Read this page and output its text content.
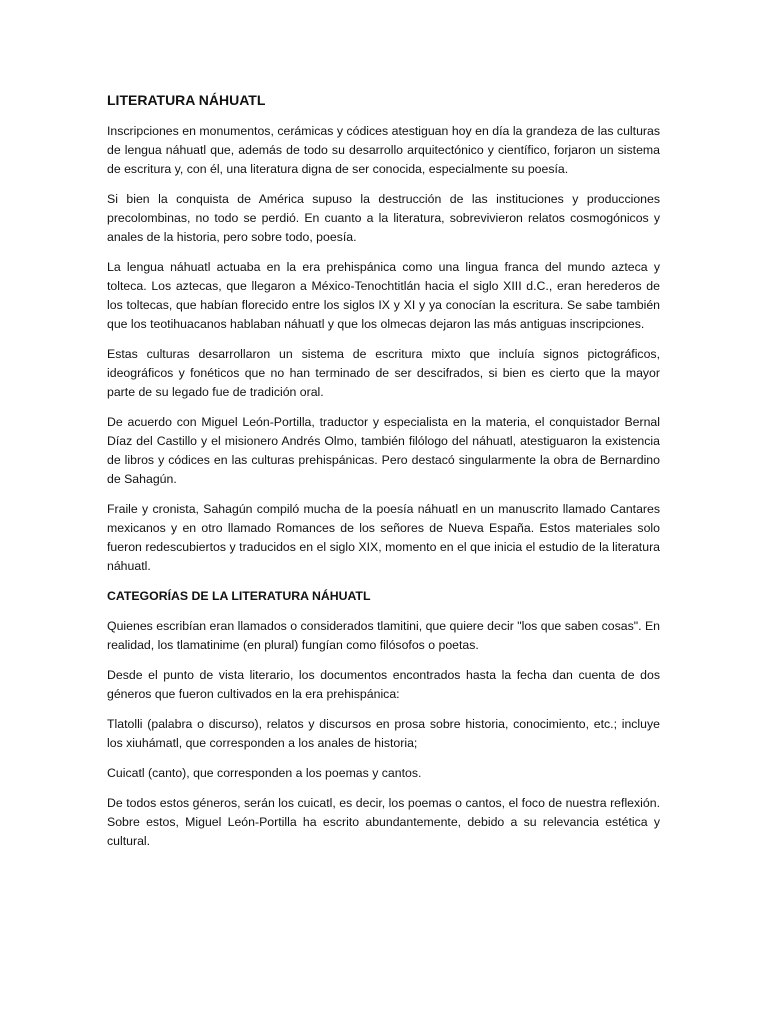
LITERATURA NÁHUATL

Inscripciones en monumentos, cerámicas y códices atestiguan hoy en día la grandeza de las culturas de lengua náhuatl que, además de todo su desarrollo arquitectónico y científico, forjaron un sistema de escritura y, con él, una literatura digna de ser conocida, especialmente su poesía.

Si bien la conquista de América supuso la destrucción de las instituciones y producciones precolombinas, no todo se perdió. En cuanto a la literatura, sobrevivieron relatos cosmogónicos y anales de la historia, pero sobre todo, poesía.

La lengua náhuatl actuaba en la era prehispánica como una lingua franca del mundo azteca y tolteca. Los aztecas, que llegaron a México-Tenochtitlán hacia el siglo XIII d.C., eran herederos de los toltecas, que habían florecido entre los siglos IX y XI y ya conocían la escritura. Se sabe también que los teotihuacanos hablaban náhuatl y que los olmecas dejaron las más antiguas inscripciones.

Estas culturas desarrollaron un sistema de escritura mixto que incluía signos pictográficos, ideográficos y fonéticos que no han terminado de ser descifrados, si bien es cierto que la mayor parte de su legado fue de tradición oral.

De acuerdo con Miguel León-Portilla, traductor y especialista en la materia, el conquistador Bernal Díaz del Castillo y el misionero Andrés Olmo, también filólogo del náhuatl, atestiguaron la existencia de libros y códices en las culturas prehispánicas. Pero destacó singularmente la obra de Bernardino de Sahagún.

Fraile y cronista, Sahagún compiló mucha de la poesía náhuatl en un manuscrito llamado Cantares mexicanos y en otro llamado Romances de los señores de Nueva España. Estos materiales solo fueron redescubiertos y traducidos en el siglo XIX, momento en el que inicia el estudio de la literatura náhuatl.

CATEGORÍAS DE LA LITERATURA NÁHUATL

Quienes escribían eran llamados o considerados tlamitini, que quiere decir "los que saben cosas". En realidad, los tlamatinime (en plural) fungían como filósofos o poetas.

Desde el punto de vista literario, los documentos encontrados hasta la fecha dan cuenta de dos géneros que fueron cultivados en la era prehispánica:

Tlatolli (palabra o discurso), relatos y discursos en prosa sobre historia, conocimiento, etc.; incluye los xiuhámatl, que corresponden a los anales de historia;

Cuicatl (canto), que corresponden a los poemas y cantos.

De todos estos géneros, serán los cuicatl, es decir, los poemas o cantos, el foco de nuestra reflexión. Sobre estos, Miguel León-Portilla ha escrito abundantemente, debido a su relevancia estética y cultural.
